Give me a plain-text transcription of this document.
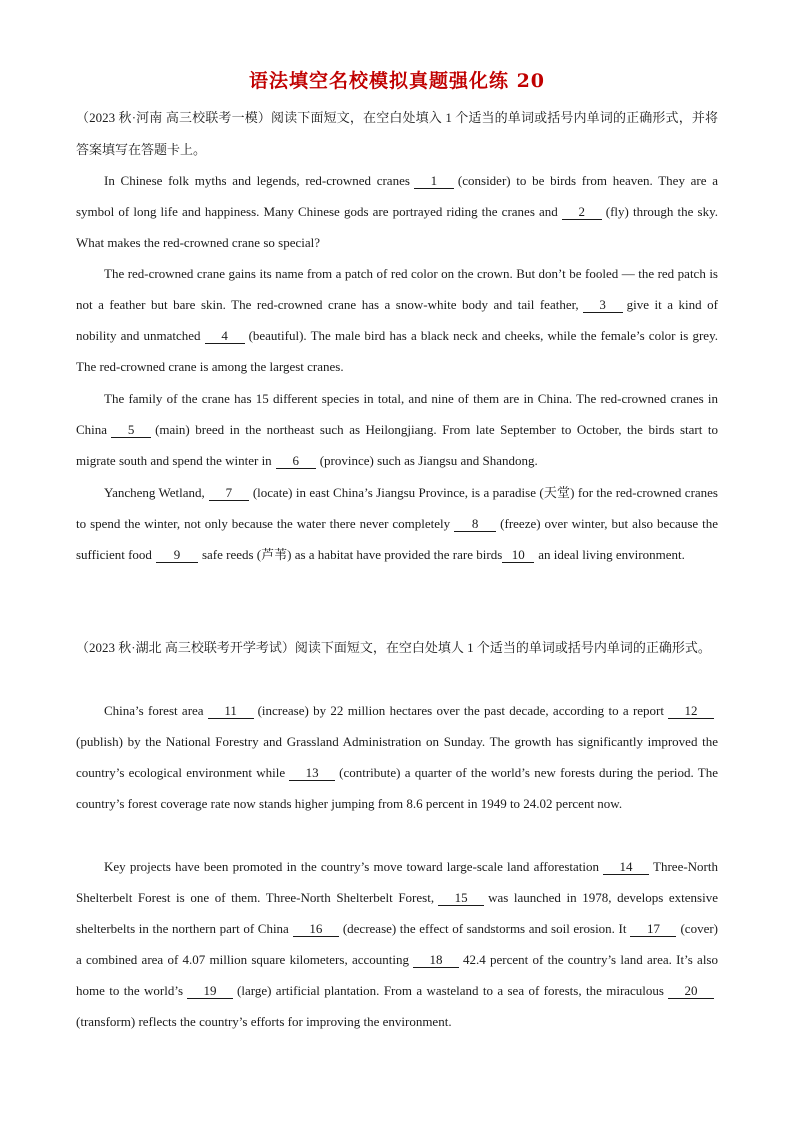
语法填空名校模拟真题强化练 20
（2023 秋·河南 高三校联考一模）阅读下面短文，在空白处填入 1 个适当的单词或括号内单词的正确形式，并将答案填写在答题卡上。
In Chinese folk myths and legends, red-crowned cranes 1 (consider) to be birds from heaven. They are a symbol of long life and happiness. Many Chinese gods are portrayed riding the cranes and 2 (fly) through the sky. What makes the red-crowned crane so special?
The red-crowned crane gains its name from a patch of red color on the crown. But don’t be fooled — the red patch is not a feather but bare skin. The red-crowned crane has a snow-white body and tail feather, 3 give it a kind of nobility and unmatched 4 (beautiful). The male bird has a black neck and cheeks, while the female’s color is grey. The red-crowned crane is among the largest cranes.
The family of the crane has 15 different species in total, and nine of them are in China. The red-crowned cranes in China 5 (main) breed in the northeast such as Heilongjiang. From late September to October, the birds start to migrate south and spend the winter in 6 (province) such as Jiangsu and Shandong.
Yancheng Wetland, 7 (locate) in east China’s Jiangsu Province, is a paradise (天堂) for the red-crowned cranes to spend the winter, not only because the water there never completely 8 (freeze) over winter, but also because the sufficient food 9 safe reeds (芦苇) as a habitat have provided the rare birds 10 an ideal living environment.
（2023 秋·湖北 高三校联考开学考试）阅读下面短文，在空白处填人 1 个适当的单词或括号内单词的正确形式。
China’s forest area 11 (increase) by 22 million hectares over the past decade, according to a report 12(publish) by the National Forestry and Grassland Administration on Sunday. The growth has significantly improved the country’s ecological environment while 13 (contribute) a quarter of the world’s new forests during the period. The country’s forest coverage rate now stands higher jumping from 8.6 percent in 1949 to 24.02 percent now.
Key projects have been promoted in the country’s move toward large-scale land afforestation 14 Three-North Shelterbelt Forest is one of them. Three-North Shelterbelt Forest, 15 was launched in 1978, develops extensive shelterbelts in the northern part of China 16 (decrease) the effect of sandstorms and soil erosion. It 17 (cover) a combined area of 4.07 million square kilometers, accounting 18 42.4 percent of the country’s land area. It’s also home to the world’s 19 (large) artificial plantation. From a wasteland to a sea of forests, the miraculous 20(transform) reflects the country’s efforts for improving the environment.
